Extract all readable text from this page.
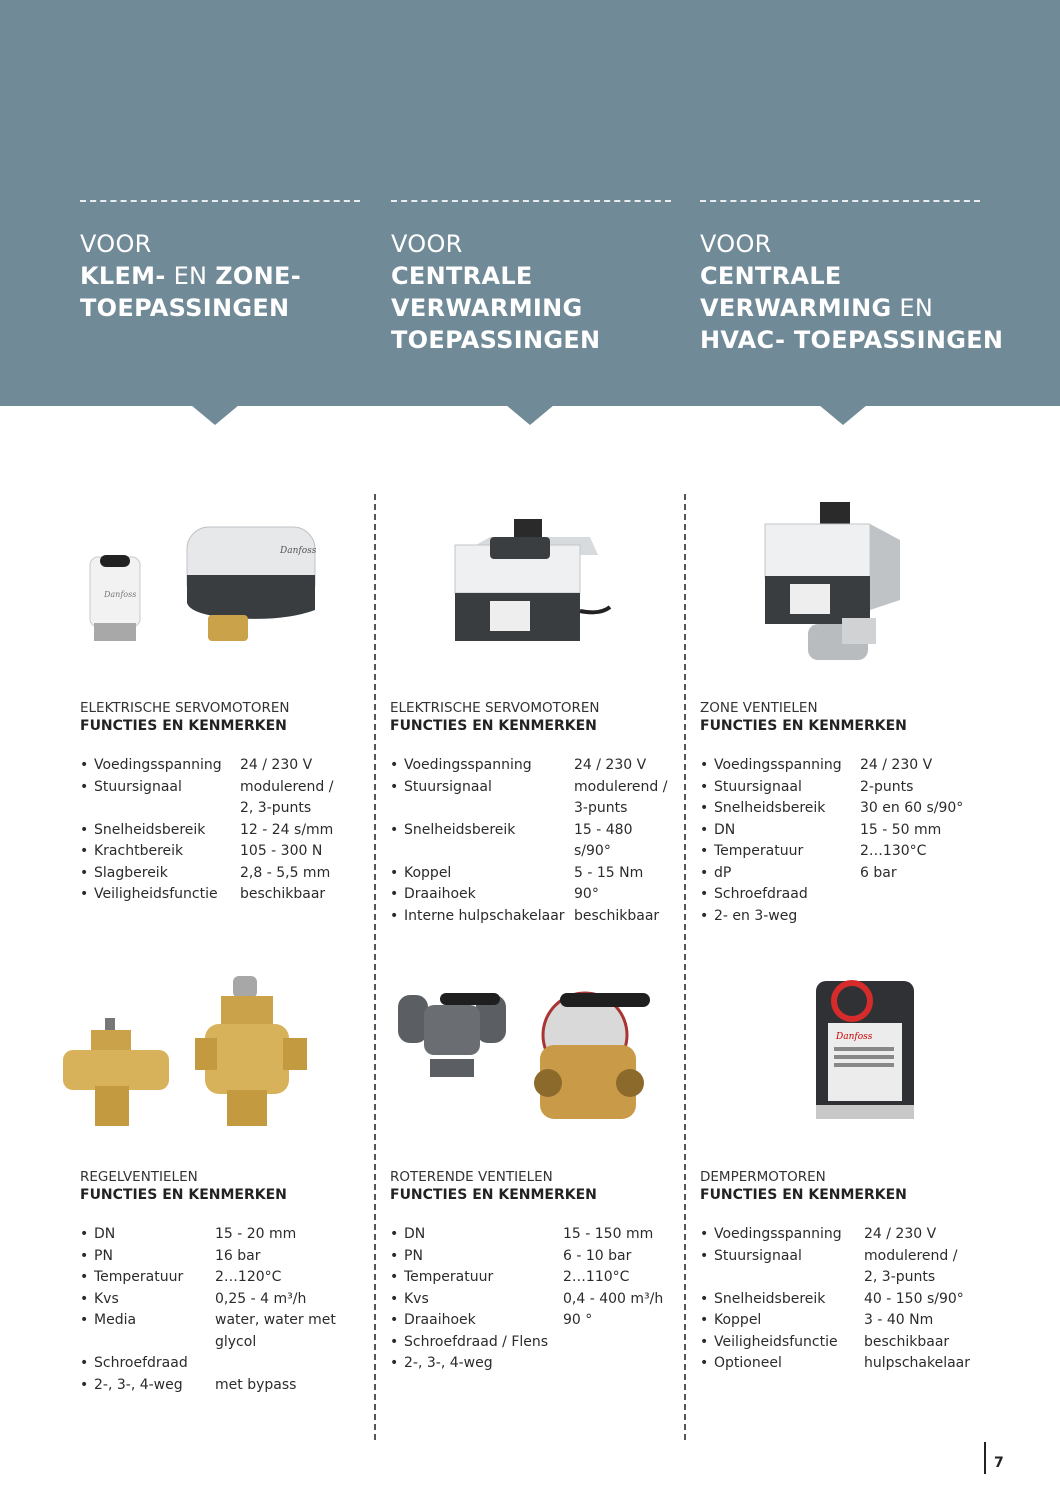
VOOR
KLEM- EN ZONE-
TOEPASSINGEN
VOOR
CENTRALE
VERWARMING
TOEPASSINGEN
VOOR
CENTRALE
VERWARMING EN
HVAC- TOEPASSINGEN
Danfoss
Danfoss
Danfoss
ELEKTRISCHE SERVOMOTOREN
FUNCTIES EN KENMERKEN
• Voedingsspanning	24 / 230 V
• Stuursignaal	modulerend /
2, 3-punts
• Snelheidsbereik	12 - 24 s/mm
• Krachtbereik	105 - 300 N
• Slagbereik	2,8 - 5,5 mm
• Veiligheidsfunctie	beschikbaar
ELEKTRISCHE SERVOMOTOREN
FUNCTIES EN KENMERKEN
• Voedingsspanning	24 / 230 V
• Stuursignaal	modulerend /
3-punts
• Snelheidsbereik	15 - 480 s/90°
• Koppel	5 - 15 Nm
• Draaihoek	90°
• Interne hulpschakelaar beschikbaar
ZONE VENTIELEN
FUNCTIES EN KENMERKEN
• Voedingsspanning	24 / 230 V
• Stuursignaal	2-punts
• Snelheidsbereik	30 en 60 s/90°
• DN	15 - 50 mm
• Temperatuur	2…130°C
• dP	6 bar
• Schroefdraad
• 2- en 3-weg
REGELVENTIELEN
FUNCTIES EN KENMERKEN
• DN	15 - 20 mm
• PN	16 bar
• Temperatuur	2…120°C
• Kvs	0,25 - 4 m³/h
• Media	water, water met
glycol
• Schroefdraad
• 2-, 3-, 4-weg	met bypass
ROTERENDE VENTIELEN
FUNCTIES EN KENMERKEN
• DN	15 - 150 mm
• PN	6 - 10 bar
• Temperatuur	2…110°C
• Kvs	0,4 - 400 m³/h
• Draaihoek	90 °
• Schroefdraad / Flens
• 2-, 3-, 4-weg
DEMPERMOTOREN
FUNCTIES EN KENMERKEN
• Voedingsspanning	24 / 230 V
• Stuursignaal	modulerend /
2, 3-punts
• Snelheidsbereik	40 - 150 s/90°
• Koppel	3 - 40 Nm
• Veiligheidsfunctie	beschikbaar
• Optioneel	hulpschakelaar
7
